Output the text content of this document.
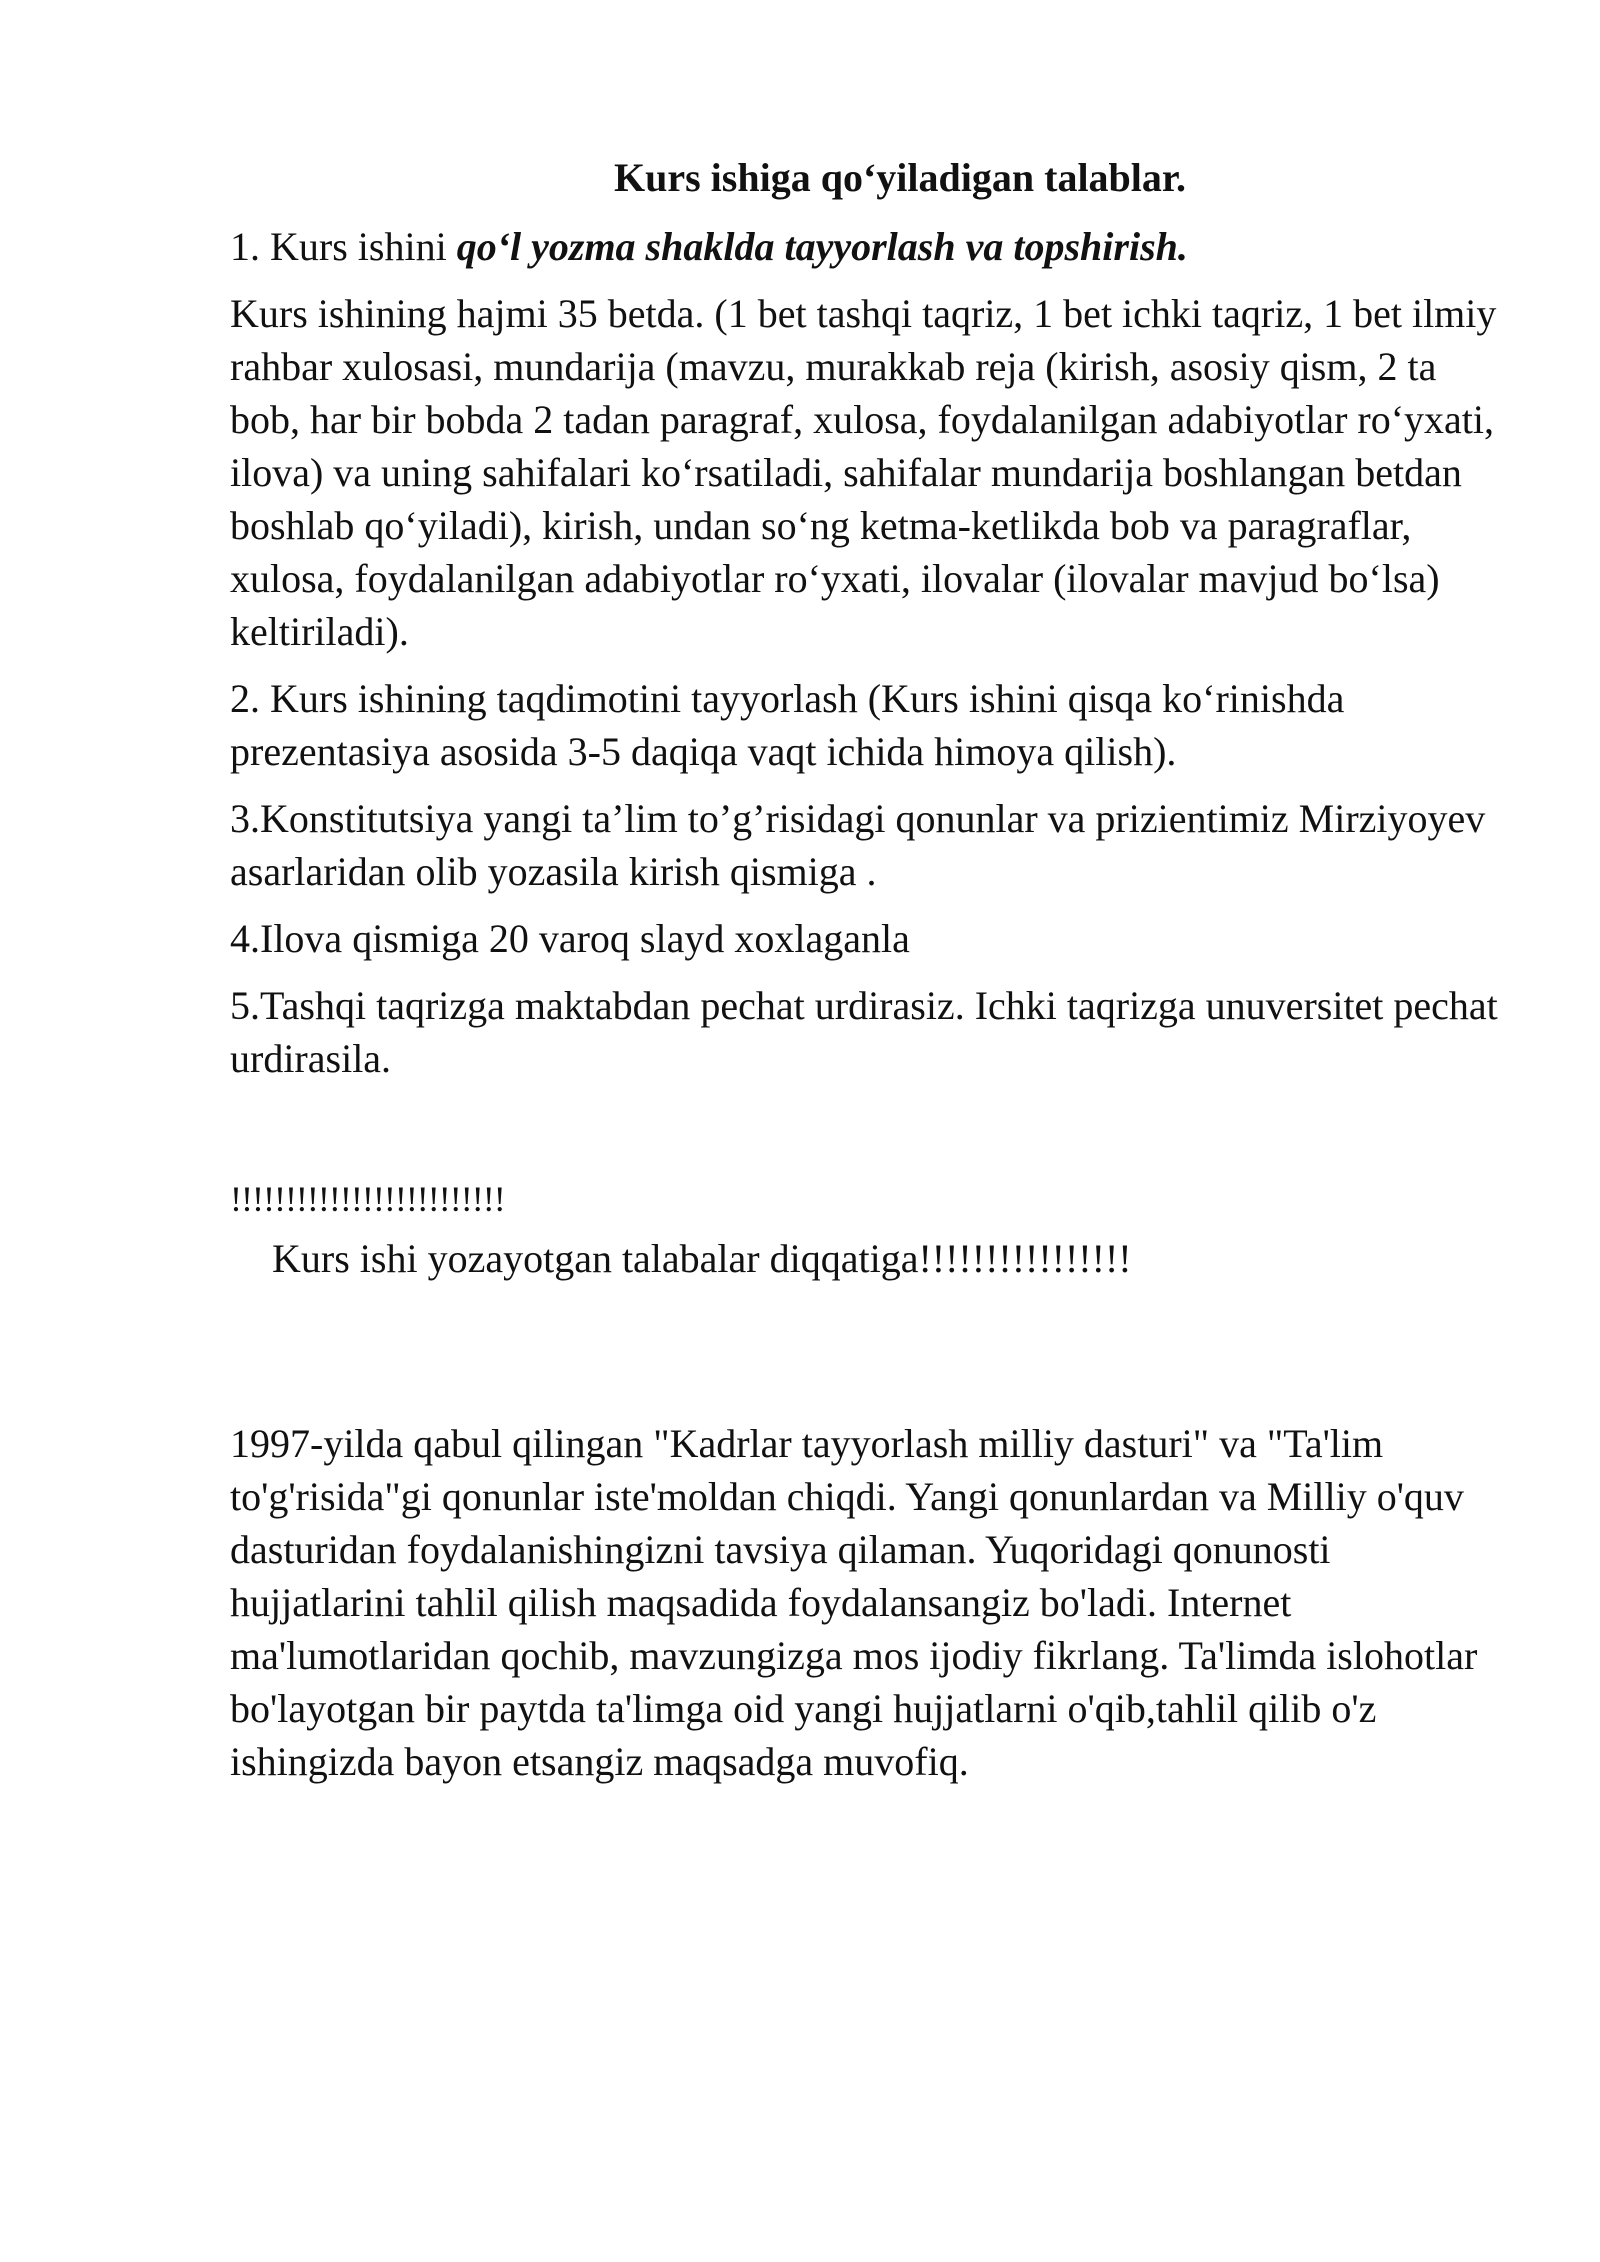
Kurs ishiga qo‘yiladigan talablar.

1. Kurs ishini qo‘l yozma shaklda tayyorlash va topshirish.

Kurs ishining hajmi 35 betda. (1 bet tashqi taqriz, 1 bet ichki taqriz, 1 bet ilmiy rahbar xulosasi, mundarija (mavzu, murakkab reja (kirish, asosiy qism, 2 ta bob, har bir bobda 2 tadan paragraf, xulosa, foydalanilgan adabiyotlar ro‘yxati, ilova) va uning sahifalari ko‘rsatiladi, sahifalar mundarija boshlangan betdan boshlab qo‘yiladi), kirish, undan so‘ng ketma-ketlikda bob va paragraflar, xulosa, foydalanilgan adabiyotlar ro‘yxati, ilovalar (ilovalar mavjud bo‘lsa) keltiriladi).

2. Kurs ishining taqdimotini tayyorlash (Kurs ishini qisqa ko‘rinishda prezentasiya asosida 3-5 daqiqa vaqt ichida himoya qilish).

3.Konstitutsiya yangi ta’lim to’g’risidagi qonunlar va prizientimiz Mirziyoyev asarlaridan olib yozasila kirish qismiga .

4.Ilova qismiga 20 varoq slayd xoxlaganla

5.Tashqi taqrizga maktabdan pechat urdirasiz. Ichki taqrizga unuversitet pechat urdirasila.

!!!!!!!!!!!!!!!!!!!!!!!!!

Kurs ishi yozayotgan talabalar diqqatiga!!!!!!!!!!!!!!!!

1997-yilda qabul qilingan "Kadrlar tayyorlash milliy dasturi" va "Ta'lim to'g'risida"gi qonunlar iste'moldan chiqdi. Yangi qonunlardan va Milliy o'quv dasturidan foydalanishingizni tavsiya qilaman. Yuqoridagi qonunosti hujjatlarini tahlil qilish maqsadida foydalansangiz bo'ladi. Internet ma'lumotlaridan qochib, mavzungizga mos ijodiy fikrlang. Ta'limda islohotlar bo'layotgan bir paytda ta'limga oid yangi hujjatlarni o'qib,tahlil qilib o'z ishingizda bayon etsangiz maqsadga muvofiq.
